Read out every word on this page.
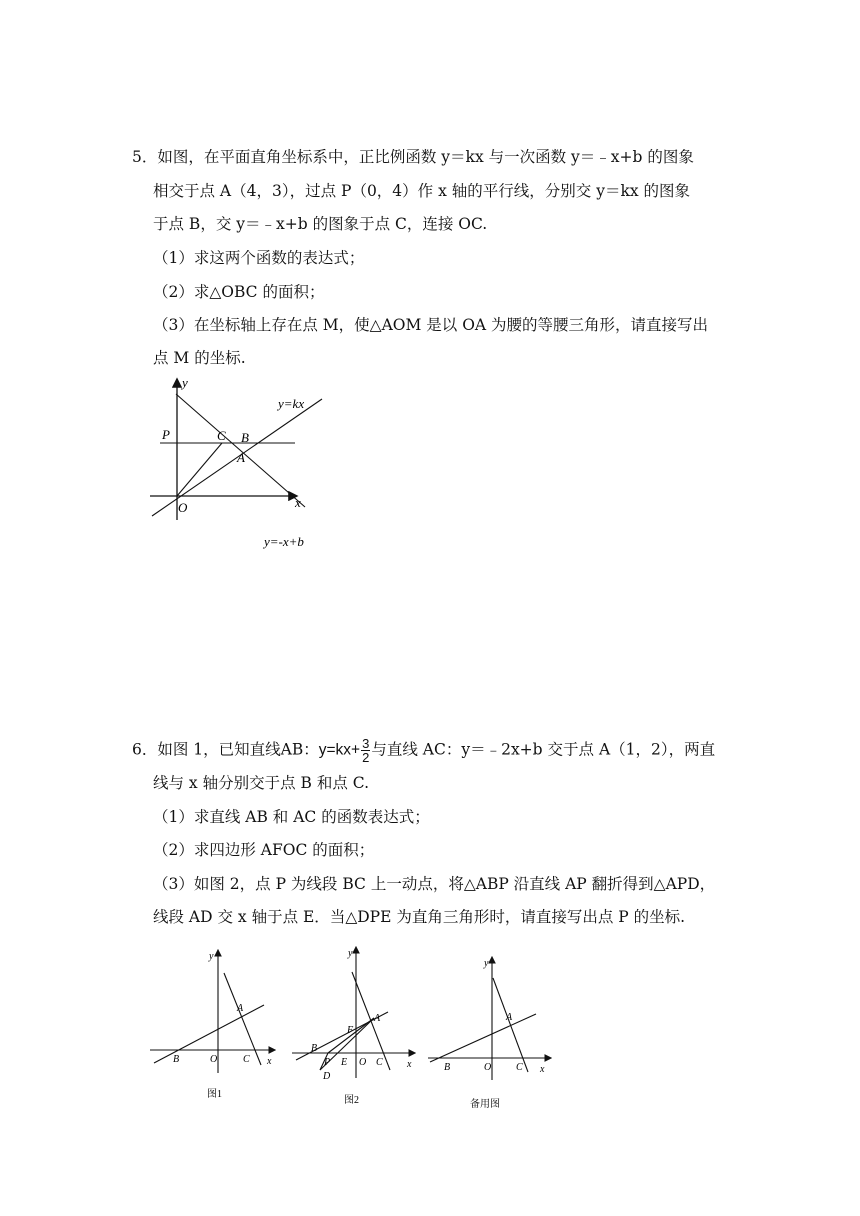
5．如图，在平面直角坐标系中，正比例函数 y＝kx 与一次函数 y＝﹣x+b 的图象
相交于点 A（4，3），过点 P（0，4）作 x 轴的平行线，分别交 y＝kx 的图象
于点 B，交 y＝﹣x+b 的图象于点 C，连接 OC.
（1）求这两个函数的表达式；
（2）求△OBC 的面积；
（3）在坐标轴上存在点 M，使△AOM 是以 OA 为腰的等腰三角形，请直接写出
点 M 的坐标.
y
x
O
P	C B
A
y=kx
y=-x+b
6．如图 1，已知直线AB：$y=kx+ \frac{3}{2}$ 与直线 AC：y＝﹣2x+b 交于点 A（1，2），两直
线与 x 轴分别交于点 B 和点 C.
（1）求直线 AB 和 AC 的函数表达式；
（2）求四边形 AFOC 的面积；
（3）如图 2，点 P 为线段 BC 上一动点，将△ABP 沿直线 AP 翻折得到△APD，
线段 AD 交 x 轴于点 E．当△DPE 为直角三角形时，请直接写出点 P 的坐标.
y
x
B	O	C
A
图1
y
x
B
F
A
P E O C
D
图2
y
x
B	O C
A
备用图
